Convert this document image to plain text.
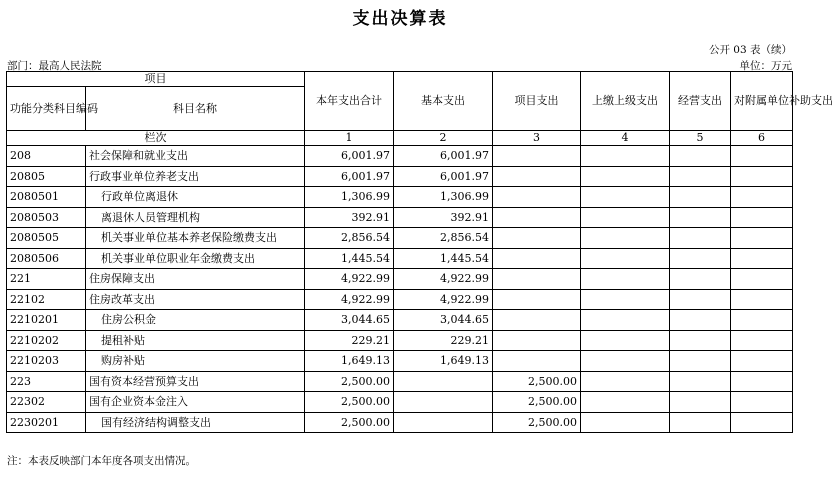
支出决算表
公开 03 表（续）
部门：最高人民法院	单位：万元
项目		本年支出合计	基本支出	项目支出	上缴上级支出	经营支出	对附属单位补助支出
功能分类科目编码	科目名称						
栏次		1	2	3	4	5	6
208	社会保障和就业支出	6,001.97	6,001.97				
20805	行政事业单位养老支出	6,001.97	6,001.97				
2080501	行政单位离退休	1,306.99	1,306.99				
2080503	离退休人员管理机构	392.91	392.91				
2080505	机关事业单位基本养老保险缴费支出	2,856.54	2,856.54				
2080506	机关事业单位职业年金缴费支出	1,445.54	1,445.54				
221	住房保障支出	4,922.99	4,922.99				
22102	住房改革支出	4,922.99	4,922.99				
2210201	住房公积金	3,044.65	3,044.65				
2210202	提租补贴	229.21	229.21				
2210203	购房补贴	1,649.13	1,649.13				
223	国有资本经营预算支出	2,500.00		2,500.00			
22302	国有企业资本金注入	2,500.00		2,500.00			
2230201	国有经济结构调整支出	2,500.00		2,500.00			
注：本表反映部门本年度各项支出情况。
